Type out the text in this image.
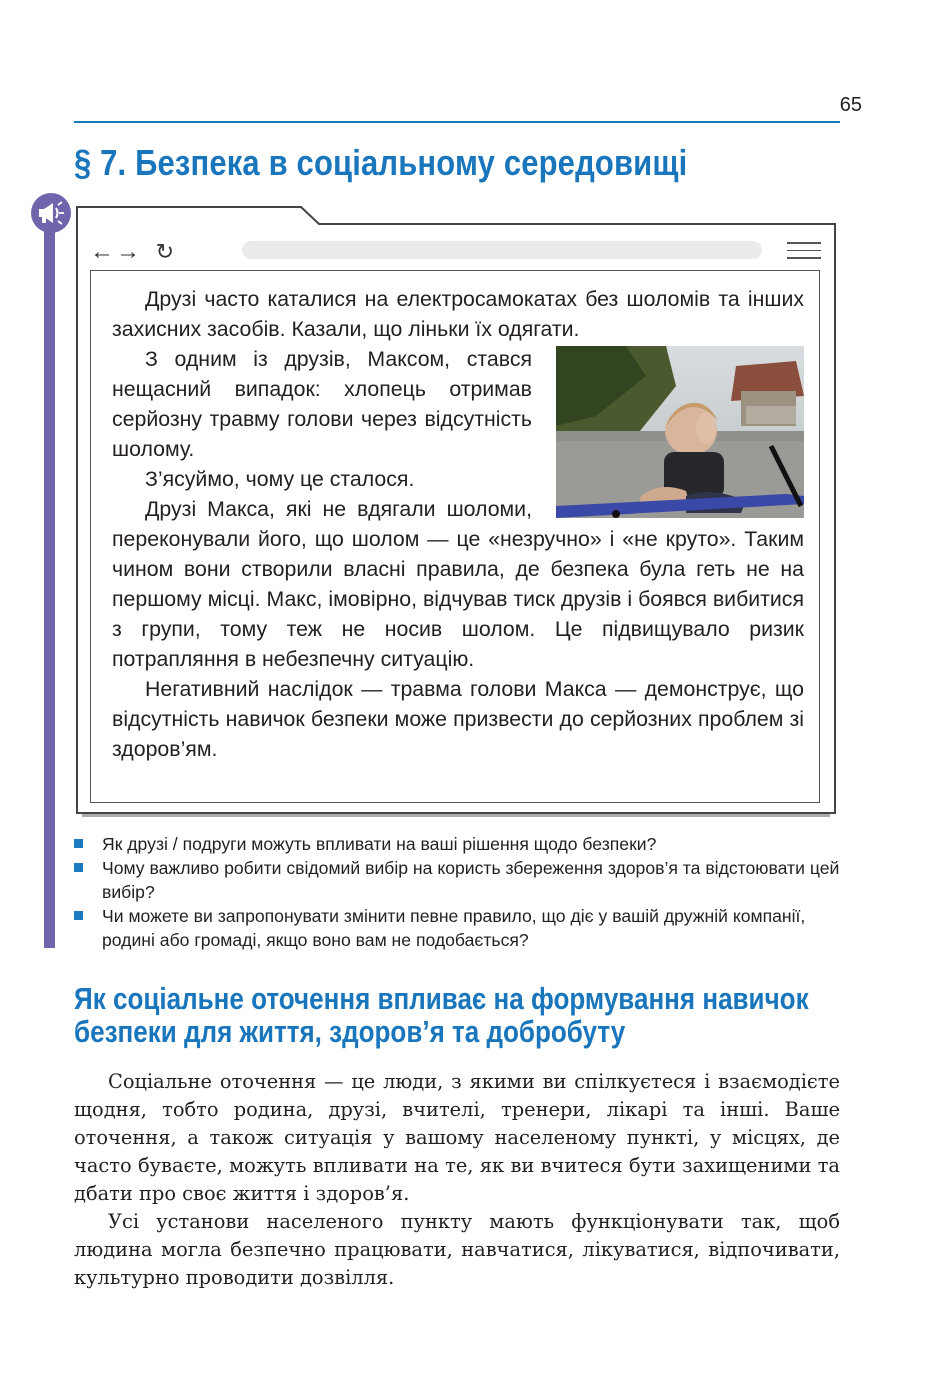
65
§ 7. Безпека в соціальному середовищі
←→ ↻

Друзі часто каталися на електросамокатах без шоломів та інших захисних засобів. Казали, що ліньки їх одягати.

З одним із друзів, Максом, стався нещасний випадок: хлопець отримав серйозну травму голови через відсутність шолому.

З’ясуймо, чому це сталося.

Друзі Макса, які не вдягали шоломи, переконували його, що шолом — це «незручно» і «не круто». Таким чином вони створили власні правила, де безпека була геть не на першому місці. Макс, імовірно, відчував тиск друзів і боявся вибитися з групи, тому теж не носив шолом. Це підвищувало ризик потрапляння в небезпечну ситуацію.

Негативний наслідок — травма голови Макса — демонструє, що відсутність навичок безпеки може призвести до серйозних проблем зі здоров’ям.

Як друзі / подруги можуть впливати на ваші рішення щодо безпеки?

Чому важливо робити свідомий вибір на користь збереження здоров’я та відстоювати цей вибір?

Чи можете ви запропонувати змінити певне правило, що діє у вашій дружній компанії, родині або громаді, якщо воно вам не подобається?

Як соціальне оточення впливає на формування навичок безпеки для життя, здоров’я та добробуту

Соціальне оточення — це люди, з якими ви спілкуєтеся і взаємодієте щодня, тобто родина, друзі, вчителі, тренери, лікарі та інші. Ваше оточення, а також ситуація у вашому населеному пункті, у місцях, де часто буваєте, можуть впливати на те, як ви вчитеся бути захищеними та дбати про своє життя і здоров’я.

Усі установи населеного пункту мають функціонувати так, щоб людина могла безпечно працювати, навчатися, лікуватися, відпочивати, культурно проводити дозвілля.
